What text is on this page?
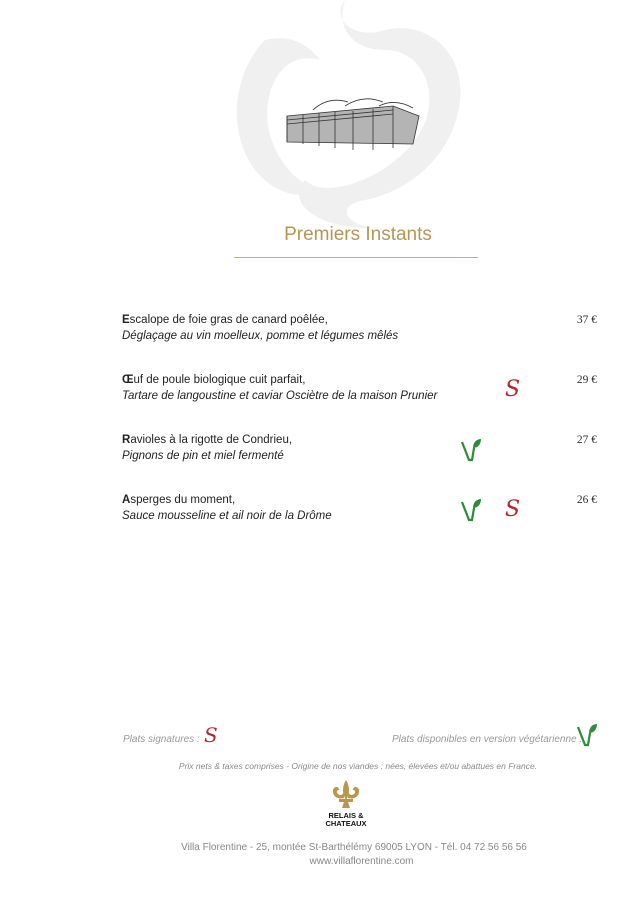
Premiers Instants
Escalope de foie gras de canard poêlée,
Déglaçage au vin moelleux, pomme et légumes mêlés
37 €
Œuf de poule biologique cuit parfait,
Tartare de langoustine et caviar Osciètre de la maison Prunier
29 €
Ravioles à la rigotte de Condrieu,
Pignons de pin et miel fermenté
27 €
Asperges du moment,
Sauce mousseline et ail noir de la Drôme
26 €
S
S
Plats signatures : S	Plats disponibles en version végétarienne :
Prix nets & taxes comprises - Origine de nos viandes : nées, élevées et/ou abattues en France.
RELAIS &
CHATEAUX
Villa Florentine - 25, montée St-Barthélémy 69005 LYON - Tél. 04 72 56 56 56
www.villaflorentine.com
